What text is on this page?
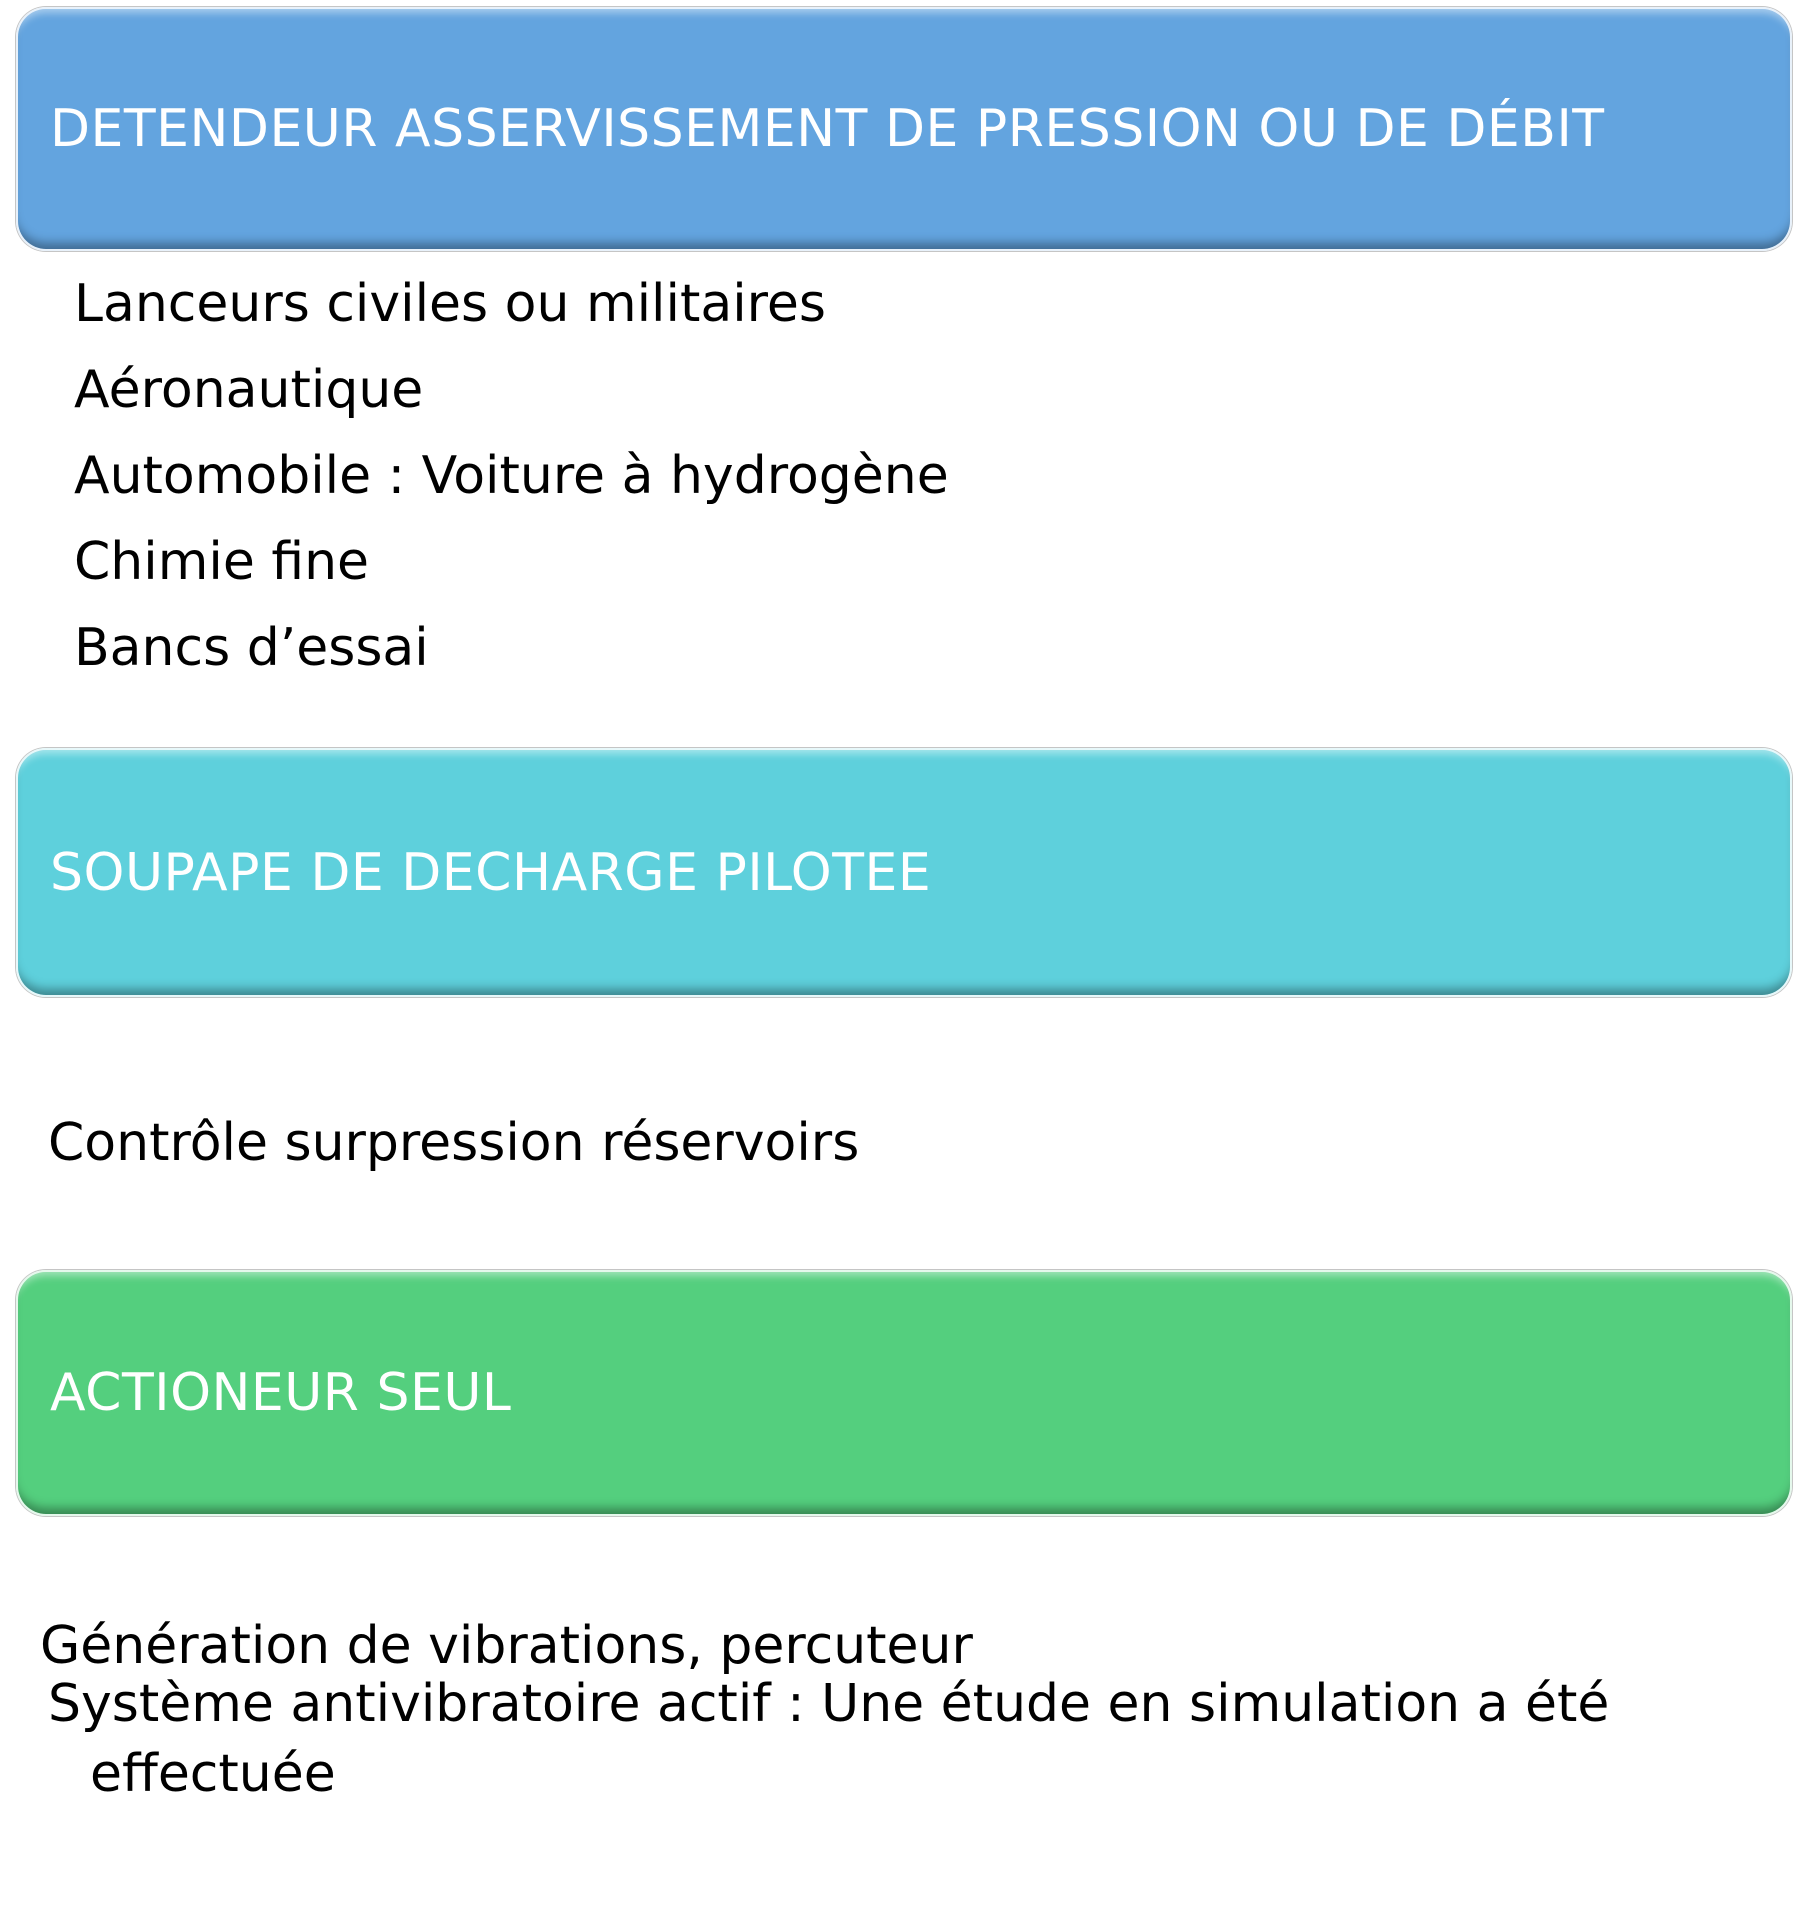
DETENDEUR ASSERVISSEMENT DE PRESSION OU DE DÉBIT
Lanceurs civiles ou militaires
Aéronautique
Automobile : Voiture à hydrogène
Chimie fine
Bancs d’essai
SOUPAPE DE DECHARGE PILOTEE
Contrôle surpression réservoirs
ACTIONEUR SEUL
Génération de vibrations, percuteur
Système antivibratoire actif : Une étude en simulation a été
effectuée
